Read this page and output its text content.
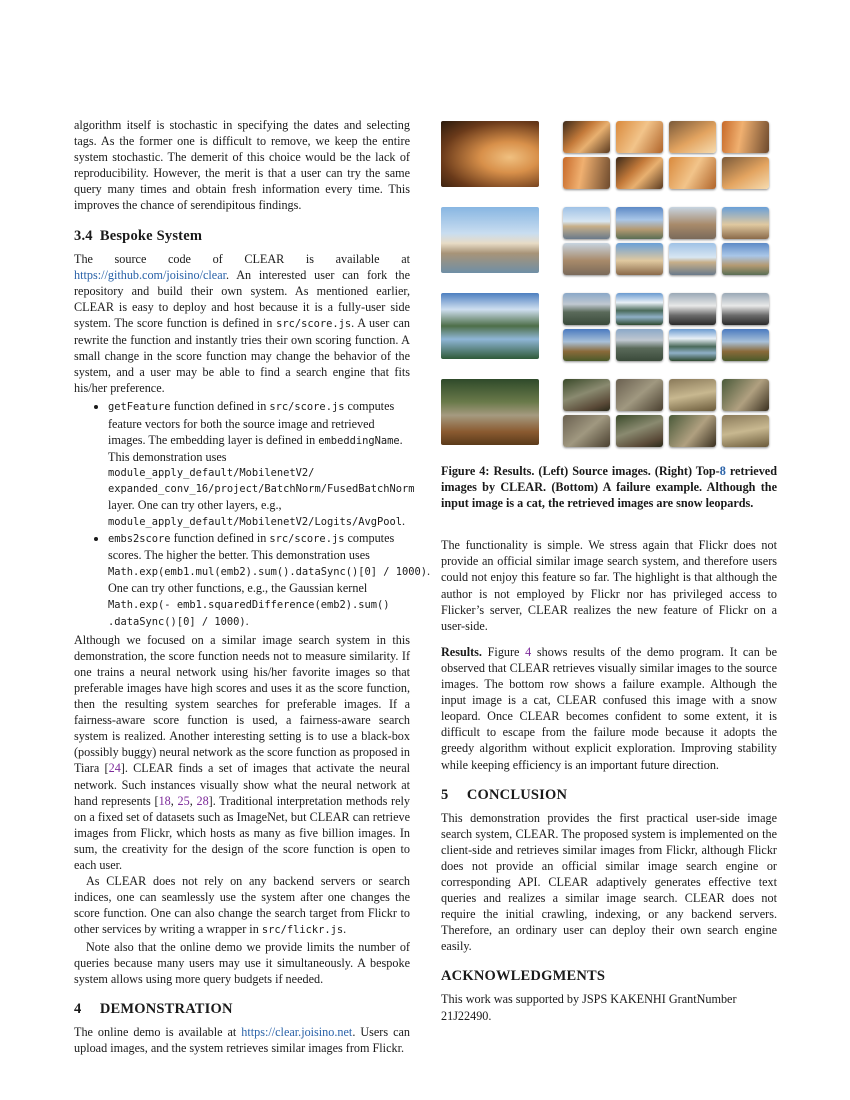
algorithm itself is stochastic in specifying the dates and selecting tags. As the former one is difficult to remove, we keep the entire system stochastic. The demerit of this choice would be the lack of reproducibility. However, the merit is that a user can try the same query many times and obtain fresh information every time. This improves the chance of serendipitous findings.

3.4 Bespoke System

The source code of CLEAR is available at https://github.com/joisino/clear. An interested user can fork the repository and build their own system. As mentioned earlier, CLEAR is easy to deploy and host because it is a fully-user side system. The score function is defined in src/score.js. A user can rewrite the function and instantly tries their own scoring function. A small change in the score function may change the behavior of the system, and a user may be able to find a search engine that fits his/her preference.

• getFeature function defined in src/score.js computes feature vectors for both the source image and retrieved images. The embedding layer is defined in embeddingName. This demonstration uses
module_apply_default/MobilenetV2/
expanded_conv_16/project/BatchNorm/FusedBatchNorm
layer. One can try other layers, e.g.,
module_apply_default/MobilenetV2/Logits/AvgPool.
• embs2score function defined in src/score.js computes scores. The higher the better. This demonstration uses
Math.exp(emb1.mul(emb2).sum().dataSync()[0] / 1000).
One can try other functions, e.g., the Gaussian kernel
Math.exp(- emb1.squaredDifference(emb2).sum()
.dataSync()[0] / 1000).

Although we focused on a similar image search system in this demonstration, the score function needs not to measure similarity. If one trains a neural network using his/her favorite images so that preferable images have high scores and uses it as the score function, then the resulting system searches for preferable images. If a fairness-aware score function is used, a fairness-aware search system is realized. Another interesting setting is to use a black-box (possibly buggy) neural network as the score function as proposed in Tiara [24]. CLEAR finds a set of images that activate the neural network. Such instances visually show what the neural network at hand represents [18, 25, 28]. Traditional interpretation methods rely on a fixed set of datasets such as ImageNet, but CLEAR can retrieve images from Flickr, which hosts as many as five billion images. In sum, the creativity for the design of the score function is open to each user.

As CLEAR does not rely on any backend servers or search indices, one can seamlessly use the system after one changes the score function. One can also change the search target from Flickr to other services by writing a wrapper in src/flickr.js.

Note also that the online demo we provide limits the number of queries because many users may use it simultaneously. A bespoke system allows using more query budgets if needed.

4 DEMONSTRATION

The online demo is available at https://clear.joisino.net. Users can upload images, and the system retrieves similar images from Flickr.

Figure 4: Results. (Left) Source images. (Right) Top-8 retrieved images by CLEAR. (Bottom) A failure example. Although the input image is a cat, the retrieved images are snow leopards.

The functionality is simple. We stress again that Flickr does not provide an official similar image search system, and therefore users could not enjoy this feature so far. The highlight is that although the author is not employed by Flickr nor has privileged access to Flicker’s server, CLEAR realizes the new feature of Flickr on a user-side.

Results. Figure 4 shows results of the demo program. It can be observed that CLEAR retrieves visually similar images to the source images. The bottom row shows a failure example. Although the input image is a cat, CLEAR confused this image with a snow leopard. Once CLEAR becomes confident to some extent, it is difficult to escape from the failure mode because it adopts the greedy algorithm without explicit exploration. Improving stability while keeping efficiency is an important future direction.

5 CONCLUSION

This demonstration provides the first practical user-side image search system, CLEAR. The proposed system is implemented on the client-side and retrieves similar images from Flickr, although Flickr does not provide an official similar image search engine or corresponding API. CLEAR adaptively generates effective text queries and realizes a similar image search. CLEAR does not require the initial crawling, indexing, or any backend servers. Therefore, an ordinary user can deploy their own search engine easily.

ACKNOWLEDGMENTS

This work was supported by JSPS KAKENHI GrantNumber 21J22490.
